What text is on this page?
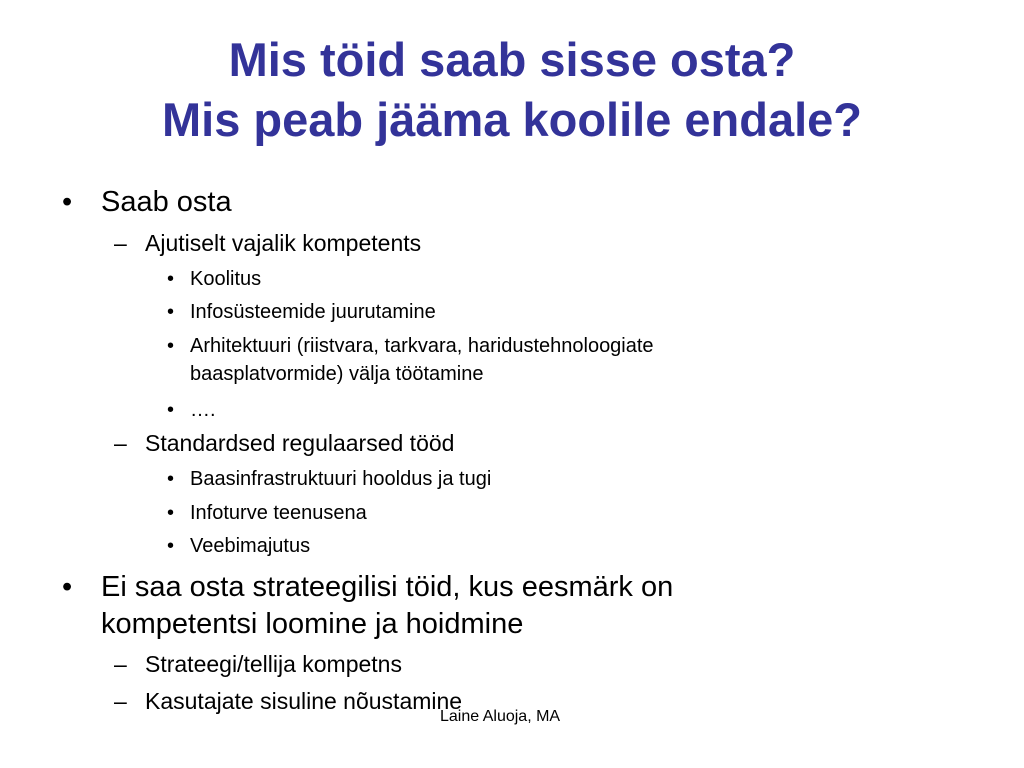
Mis töid saab sisse osta?
Mis peab jääma koolile endale?
• Saab osta
– Ajutiselt vajalik kompetents
• Koolitus
• Infosüsteemide juurutamine
• Arhitektuuri (riistvara, tarkvara, haridustehnoloogiate
baasplatvormide) välja töötamine
• ….
– Standardsed regulaarsed tööd
• Baasinfrastruktuuri hooldus ja tugi
• Infoturve teenusena
• Veebimajutus
• Ei saa osta strateegilisi töid, kus eesmärk on
kompetentsi loomine ja hoidmine
– Strateegi/tellija kompetns
– Kasutajate sisuline nõustamine
Laine Aluoja, MA
